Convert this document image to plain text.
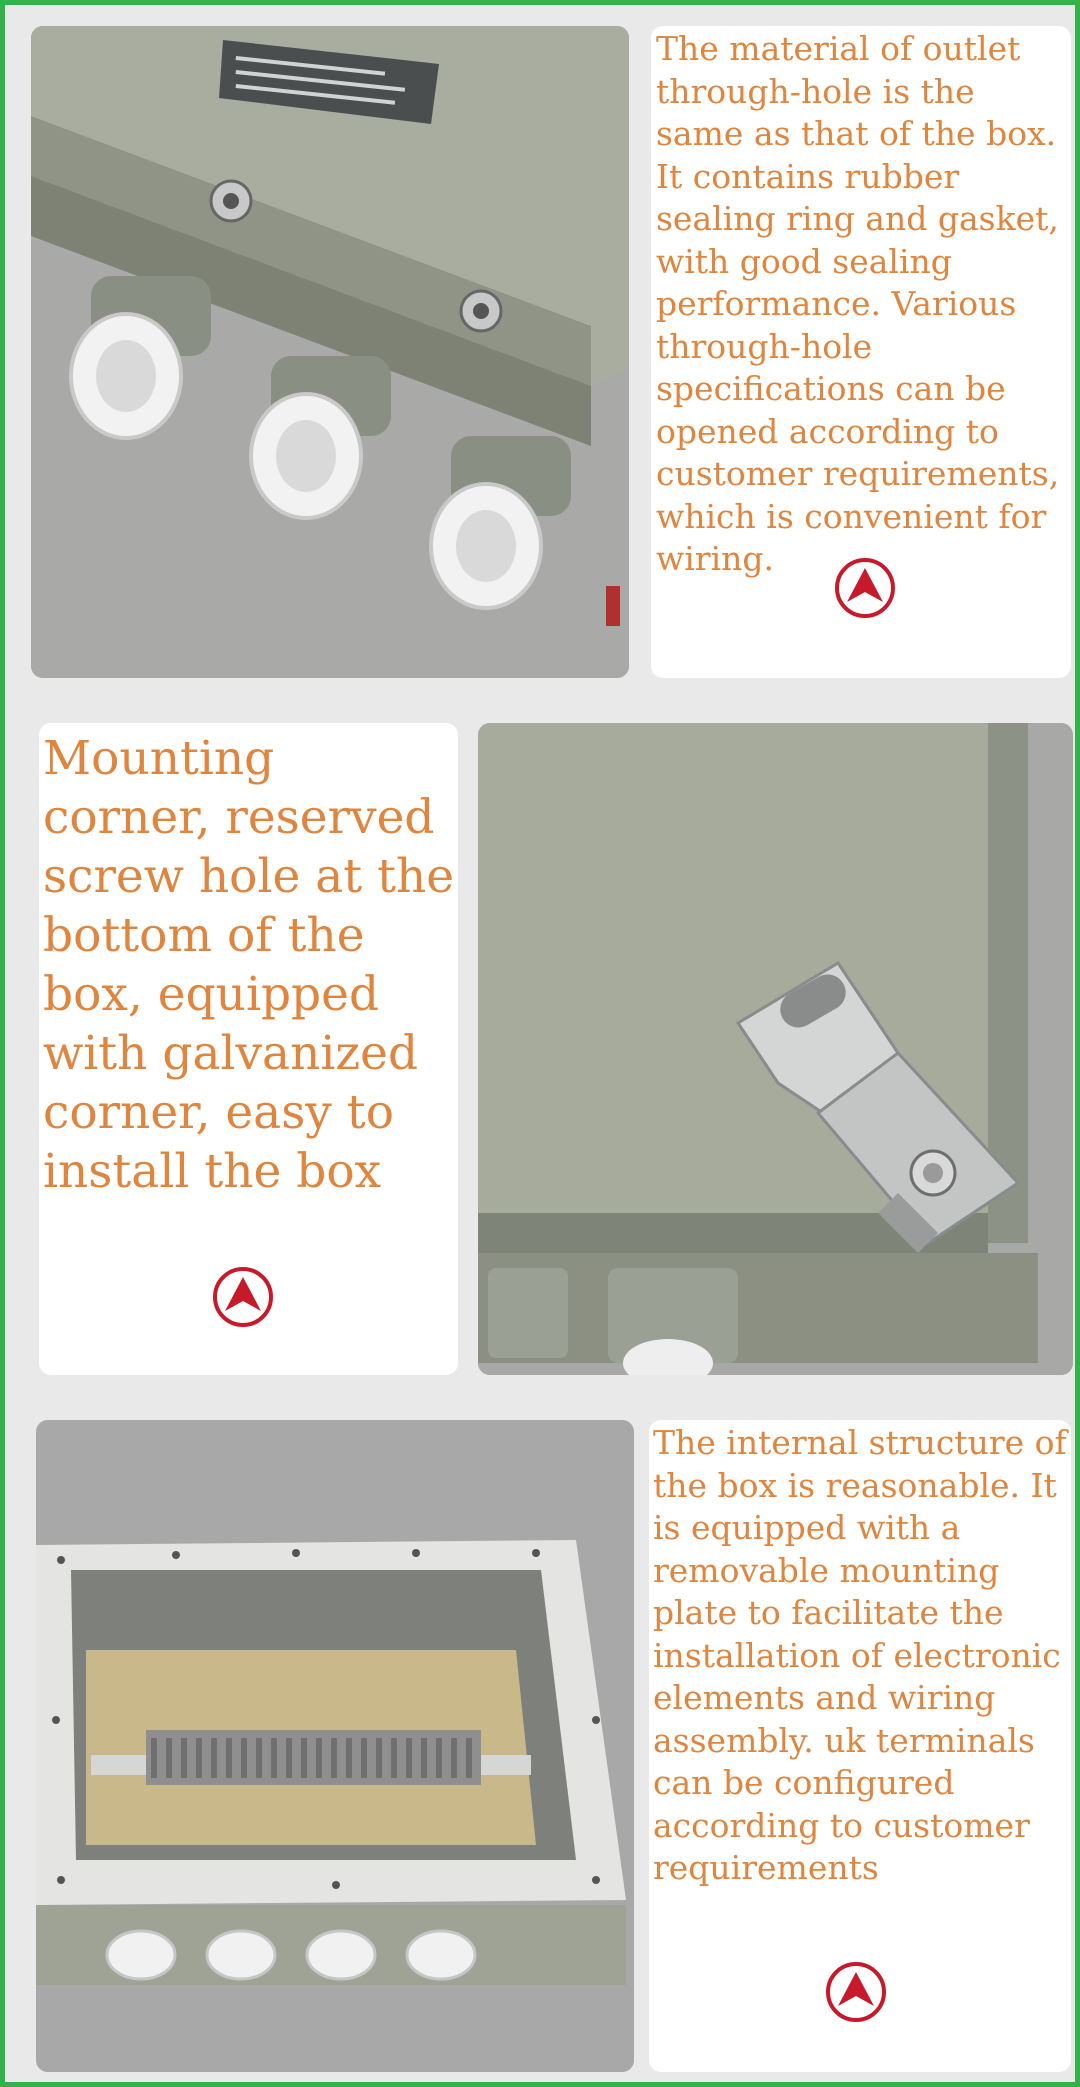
The material of outlet through-hole is the same as that of the box. It contains rubber sealing ring and gasket, with good sealing performance. Various through-hole specifications can be opened according to customer requirements, which is convenient for wiring.

Mounting corner, reserved screw hole at the bottom of the box, equipped with galvanized corner, easy to install the box

The internal structure of the box is reasonable. It is equipped with a removable mounting plate to facilitate the installation of electronic elements and wiring assembly. uk terminals can be configured according to customer requirements
